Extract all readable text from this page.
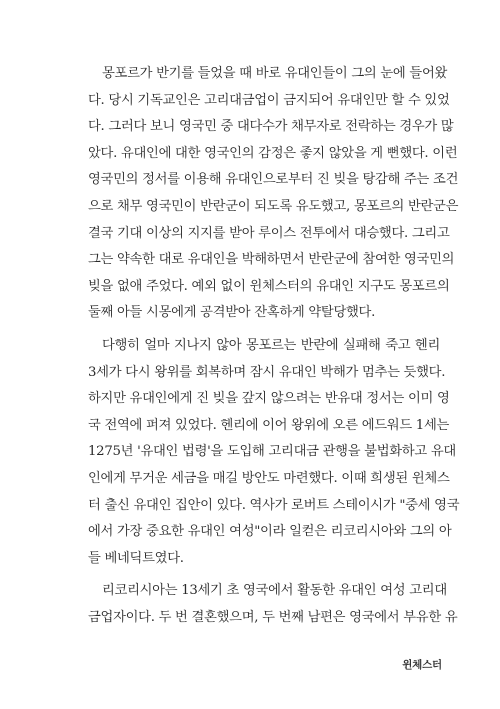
몽포르가 반기를 들었을 때 바로 유대인들이 그의 눈에 들어왔
다. 당시 기독교인은 고리대금업이 금지되어 유대인만 할 수 있었
다. 그러다 보니 영국민 중 대다수가 채무자로 전락하는 경우가 많
았다. 유대인에 대한 영국인의 감정은 좋지 않았을 게 뻔했다. 이런
영국민의 정서를 이용해 유대인으로부터 진 빚을 탕감해 주는 조건
으로 채무 영국민이 반란군이 되도록 유도했고, 몽포르의 반란군은
결국 기대 이상의 지지를 받아 루이스 전투에서 대승했다. 그리고
그는 약속한 대로 유대인을 박해하면서 반란군에 참여한 영국민의
빚을 없애 주었다. 예외 없이 윈체스터의 유대인 지구도 몽포르의
둘째 아들 시몽에게 공격받아 잔혹하게 약탈당했다.
다행히 얼마 지나지 않아 몽포르는 반란에 실패해 죽고 헨리
3세가 다시 왕위를 회복하며 잠시 유대인 박해가 멈추는 듯했다.
하지만 유대인에게 진 빚을 갚지 않으려는 반유대 정서는 이미 영
국 전역에 퍼져 있었다. 헨리에 이어 왕위에 오른 에드워드 1세는
1275년 '유대인 법령'을 도입해 고리대금 관행을 불법화하고 유대
인에게 무거운 세금을 매길 방안도 마련했다. 이때 희생된 윈체스
터 출신 유대인 집안이 있다. 역사가 로버트 스테이시가 "중세 영국
에서 가장 중요한 유대인 여성"이라 일컫은 리코리시아와 그의 아
들 베네딕트였다.
리코리시아는 13세기 초 영국에서 활동한 유대인 여성 고리대
금업자이다. 두 번 결혼했으며, 두 번째 남편은 영국에서 부유한 유
윈체스터
